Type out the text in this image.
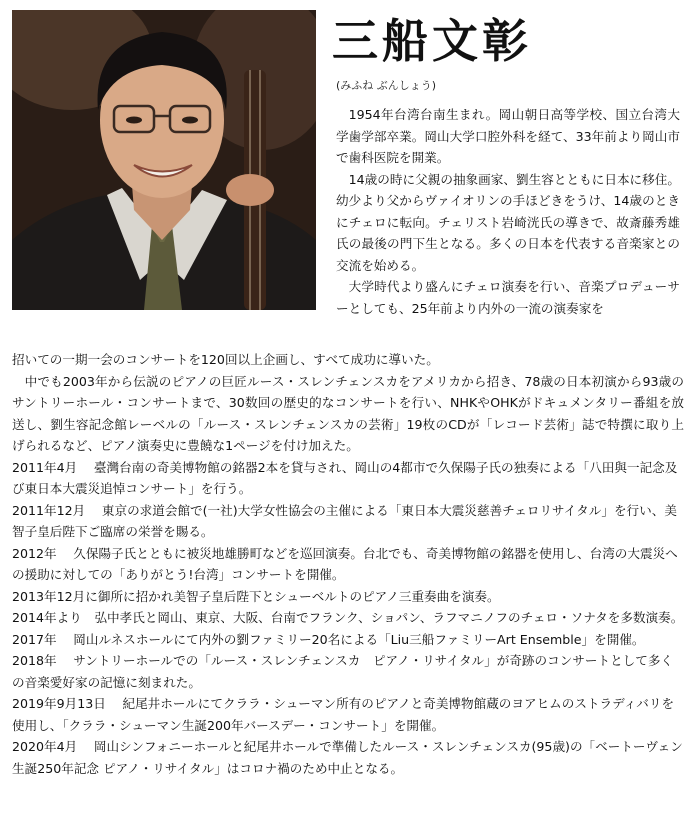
三船文彰
(みふね ぶんしょう)

1954年台湾台南生まれ。岡山朝日高等学校、国立台湾大学歯学部卒業。岡山大学口腔外科を経て、33年前より岡山市で歯科医院を開業。

14歳の時に父親の抽象画家、劉生容とともに日本に移住。幼少より父からヴァイオリンの手ほどきをうけ、14歳のときにチェロに転向。チェリスト岩崎洸氏の導きで、故斎藤秀雄氏の最後の門下生となる。多くの日本を代表する音楽家との交流を始める。

大学時代より盛んにチェロ演奏を行い、音楽プロデューサーとしても、25年前より内外の一流の演奏家を

招いての一期一会のコンサートを120回以上企画し、すべて成功に導いた。

中でも2003年から伝説のピアノの巨匠ルース・スレンチェンスカをアメリカから招き、78歳の日本初演から93歳のサントリーホール・コンサートまで、30数回の歴史的なコンサートを行い、NHKやOHKがドキュメンタリー番組を放送し、劉生容記念館レーベルの「ルース・スレンチェンスカの芸術」19枚のCDが「レコード芸術」誌で特撰に取り上げられるなど、ピアノ演奏史に豊饒な1ページを付け加えた。

2011年4月　 臺灣台南の奇美博物館の銘器2本を貸与され、岡山の4都市で久保陽子氏の独奏による「八田與一記念及び東日本大震災追悼コンサート」を行う。

2011年12月　 東京の求道会館で(一社)大学女性協会の主催による「東日本大震災慈善チェロリサイタル」を行い、美智子皇后陛下ご臨席の栄誉を賜る。

2012年　 久保陽子氏とともに被災地雄勝町などを巡回演奏。台北でも、奇美博物館の銘器を使用し、台湾の大震災への援助に対しての「ありがとう!台湾」コンサートを開催。

2013年12月に御所に招かれ美智子皇后陛下とシューベルトのピアノ三重奏曲を演奏。

2014年より　 弘中孝氏と岡山、東京、大阪、台南でフランク、ショパン、ラフマニノフのチェロ・ソナタを多数演奏。

2017年　 岡山ルネスホールにて内外の劉ファミリー20名による「Liu三船ファミリーArt Ensemble」を開催。

2018年　 サントリーホールでの「ルース・スレンチェンスカ　ピアノ・リサイタル」が奇跡のコンサートとして多くの音楽愛好家の記憶に刻まれた。

2019年9月13日　 紀尾井ホールにてクララ・シューマン所有のピアノと奇美博物館蔵のヨアヒムのストラディバリを使用し、「クララ・シューマン生誕200年バースデー・コンサート」を開催。

2020年4月　 岡山シンフォニーホールと紀尾井ホールで準備したルース・スレンチェンスカ(95歳)の「ベートーヴェン生誕250年記念 ピアノ・リサイタル」はコロナ禍のため中止となる。
